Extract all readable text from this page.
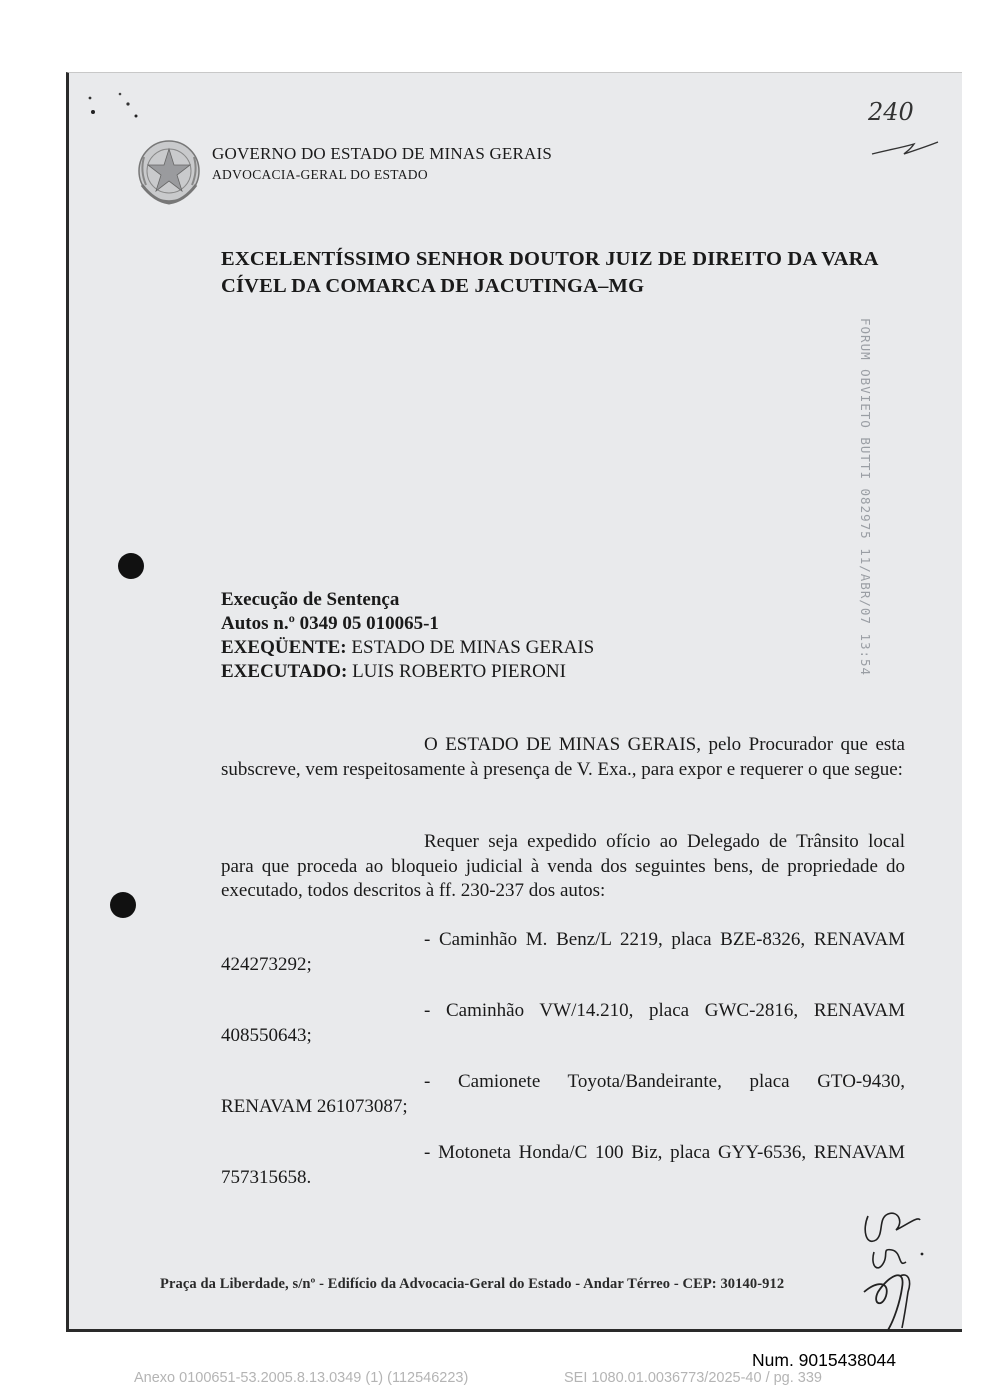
GOVERNO DO ESTADO DE MINAS GERAIS
ADVOCACIA-GERAL DO ESTADO
240
EXCELENTÍSSIMO SENHOR DOUTOR JUIZ DE DIREITO DA VARA CÍVEL DA COMARCA DE JACUTINGA–MG
FORUM OBVIETO BUTTI 082975 11/ABR/07 13:54
Execução de Sentença
Autos n.º 0349 05 010065-1
EXEQÜENTE: ESTADO DE MINAS GERAIS
EXECUTADO: LUIS ROBERTO PIERONI
O ESTADO DE MINAS GERAIS, pelo Procurador que esta subscreve, vem respeitosamente à presença de V. Exa., para expor e requerer o que segue:
Requer seja expedido ofício ao Delegado de Trânsito local para que proceda ao bloqueio judicial à venda dos seguintes bens, de propriedade do executado, todos descritos à ff. 230-237 dos autos:
- Caminhão M. Benz/L 2219, placa BZE-8326, RENAVAM 424273292;
- Caminhão VW/14.210, placa GWC-2816, RENAVAM 408550643;
- Camionete Toyota/Bandeirante, placa GTO-9430, RENAVAM 261073087;
- Motoneta Honda/C 100 Biz, placa GYY-6536, RENAVAM 757315658.
Praça da Liberdade, s/nº - Edifício da Advocacia-Geral do Estado - Andar Térreo - CEP: 30140-912
Num. 9015438044
Anexo 0100651-53.2005.8.13.0349 (1) (112546223)	SEI 1080.01.0036773/2025-40 / pg. 339
